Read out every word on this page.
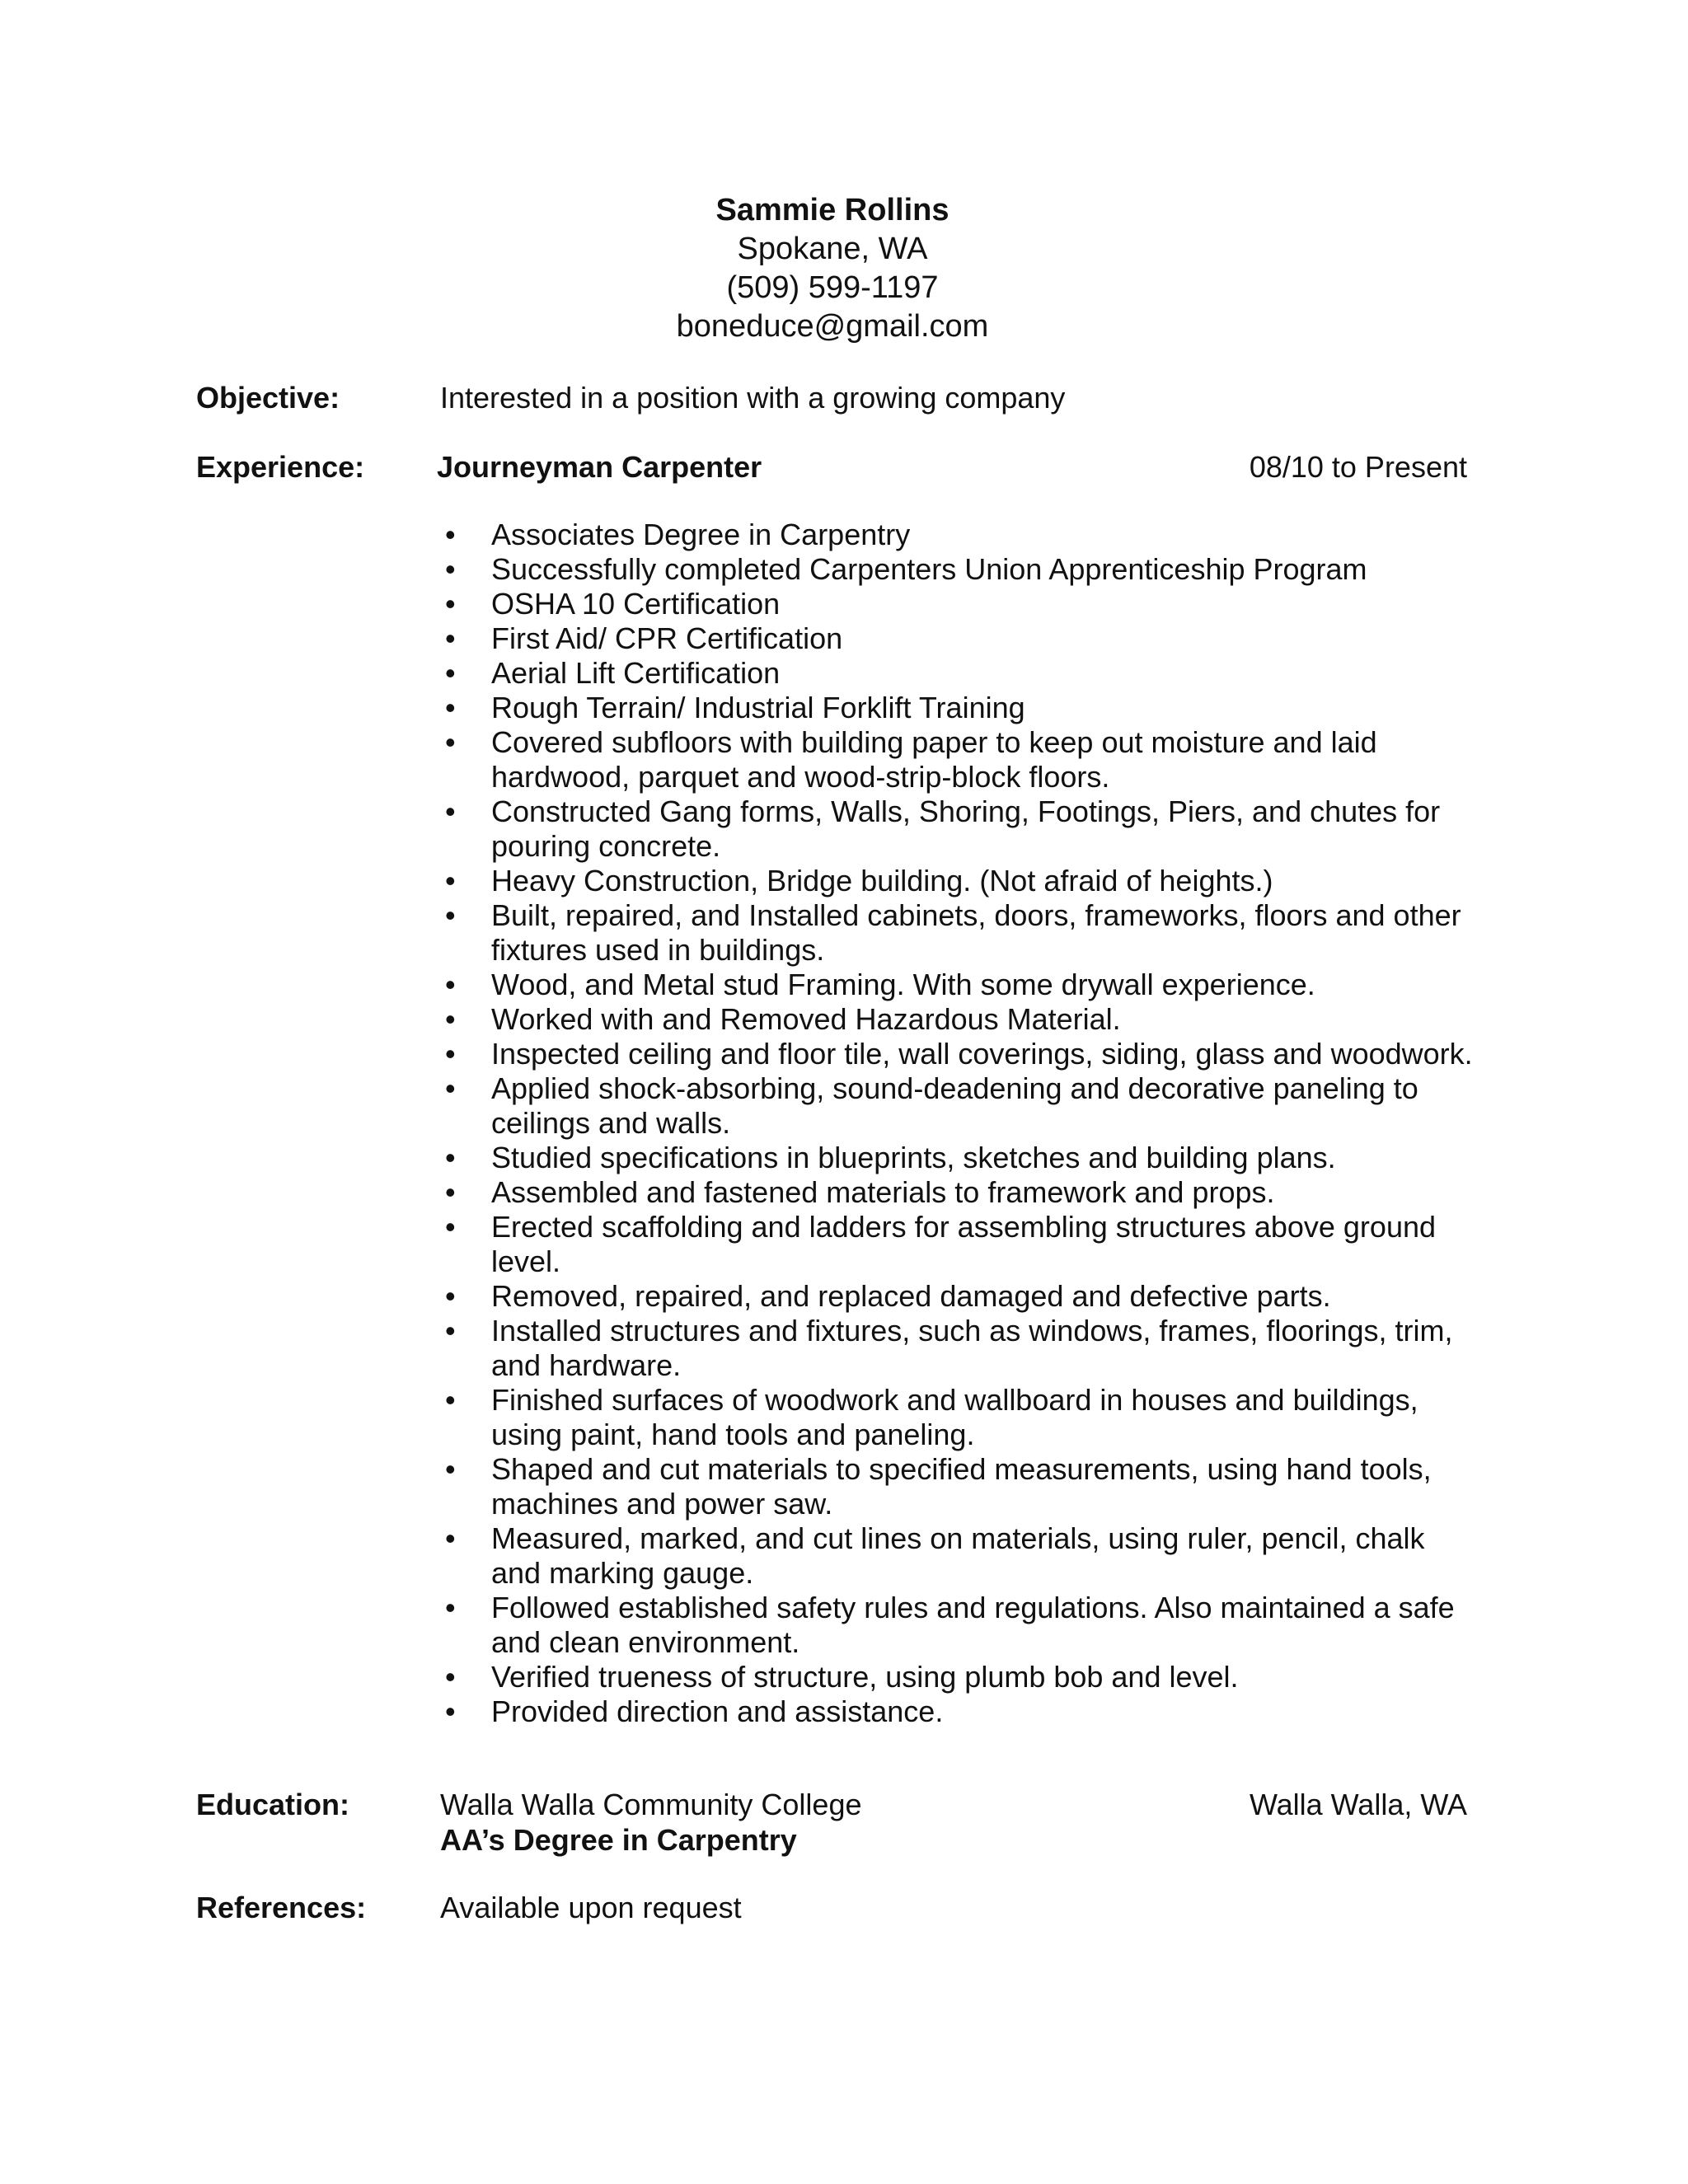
Sammie Rollins
Spokane, WA
(509) 599-1197
boneduce@gmail.com
Objective:	Interested in a position with a growing company
Experience: Journeyman Carpenter	08/10 to Present
•	Associates Degree in Carpentry
•	Successfully completed Carpenters Union Apprenticeship Program
•	OSHA 10 Certification
•	First Aid/ CPR Certification
•	Aerial Lift Certification
•	Rough Terrain/ Industrial Forklift Training
•	Covered subfloors with building paper to keep out moisture and laid hardwood, parquet and wood-strip-block floors.
•	Constructed Gang forms, Walls, Shoring, Footings, Piers, and chutes for pouring concrete.
•	Heavy Construction, Bridge building. (Not afraid of heights.)
•	Built, repaired, and Installed cabinets, doors, frameworks, floors and other fixtures used in buildings.
•	Wood, and Metal stud Framing. With some drywall experience.
•	Worked with and Removed Hazardous Material.
•	Inspected ceiling and floor tile, wall coverings, siding, glass and woodwork.
•	Applied shock-absorbing, sound-deadening and decorative paneling to ceilings and walls.
•	Studied specifications in blueprints, sketches and building plans.
•	Assembled and fastened materials to framework and props.
•	Erected scaffolding and ladders for assembling structures above ground level.
•	Removed, repaired, and replaced damaged and defective parts.
•	Installed structures and fixtures, such as windows, frames, floorings, trim, and hardware.
•	Finished surfaces of woodwork and wallboard in houses and buildings, using paint, hand tools and paneling.
•	Shaped and cut materials to specified measurements, using hand tools, machines and power saw.
•	Measured, marked, and cut lines on materials, using ruler, pencil, chalk and marking gauge.
•	Followed established safety rules and regulations. Also maintained a safe and clean environment.
•	Verified trueness of structure, using plumb bob and level.
•	Provided direction and assistance.
Education:	Walla Walla Community College	Walla Walla, WA
AA’s Degree in Carpentry
References: Available upon request
